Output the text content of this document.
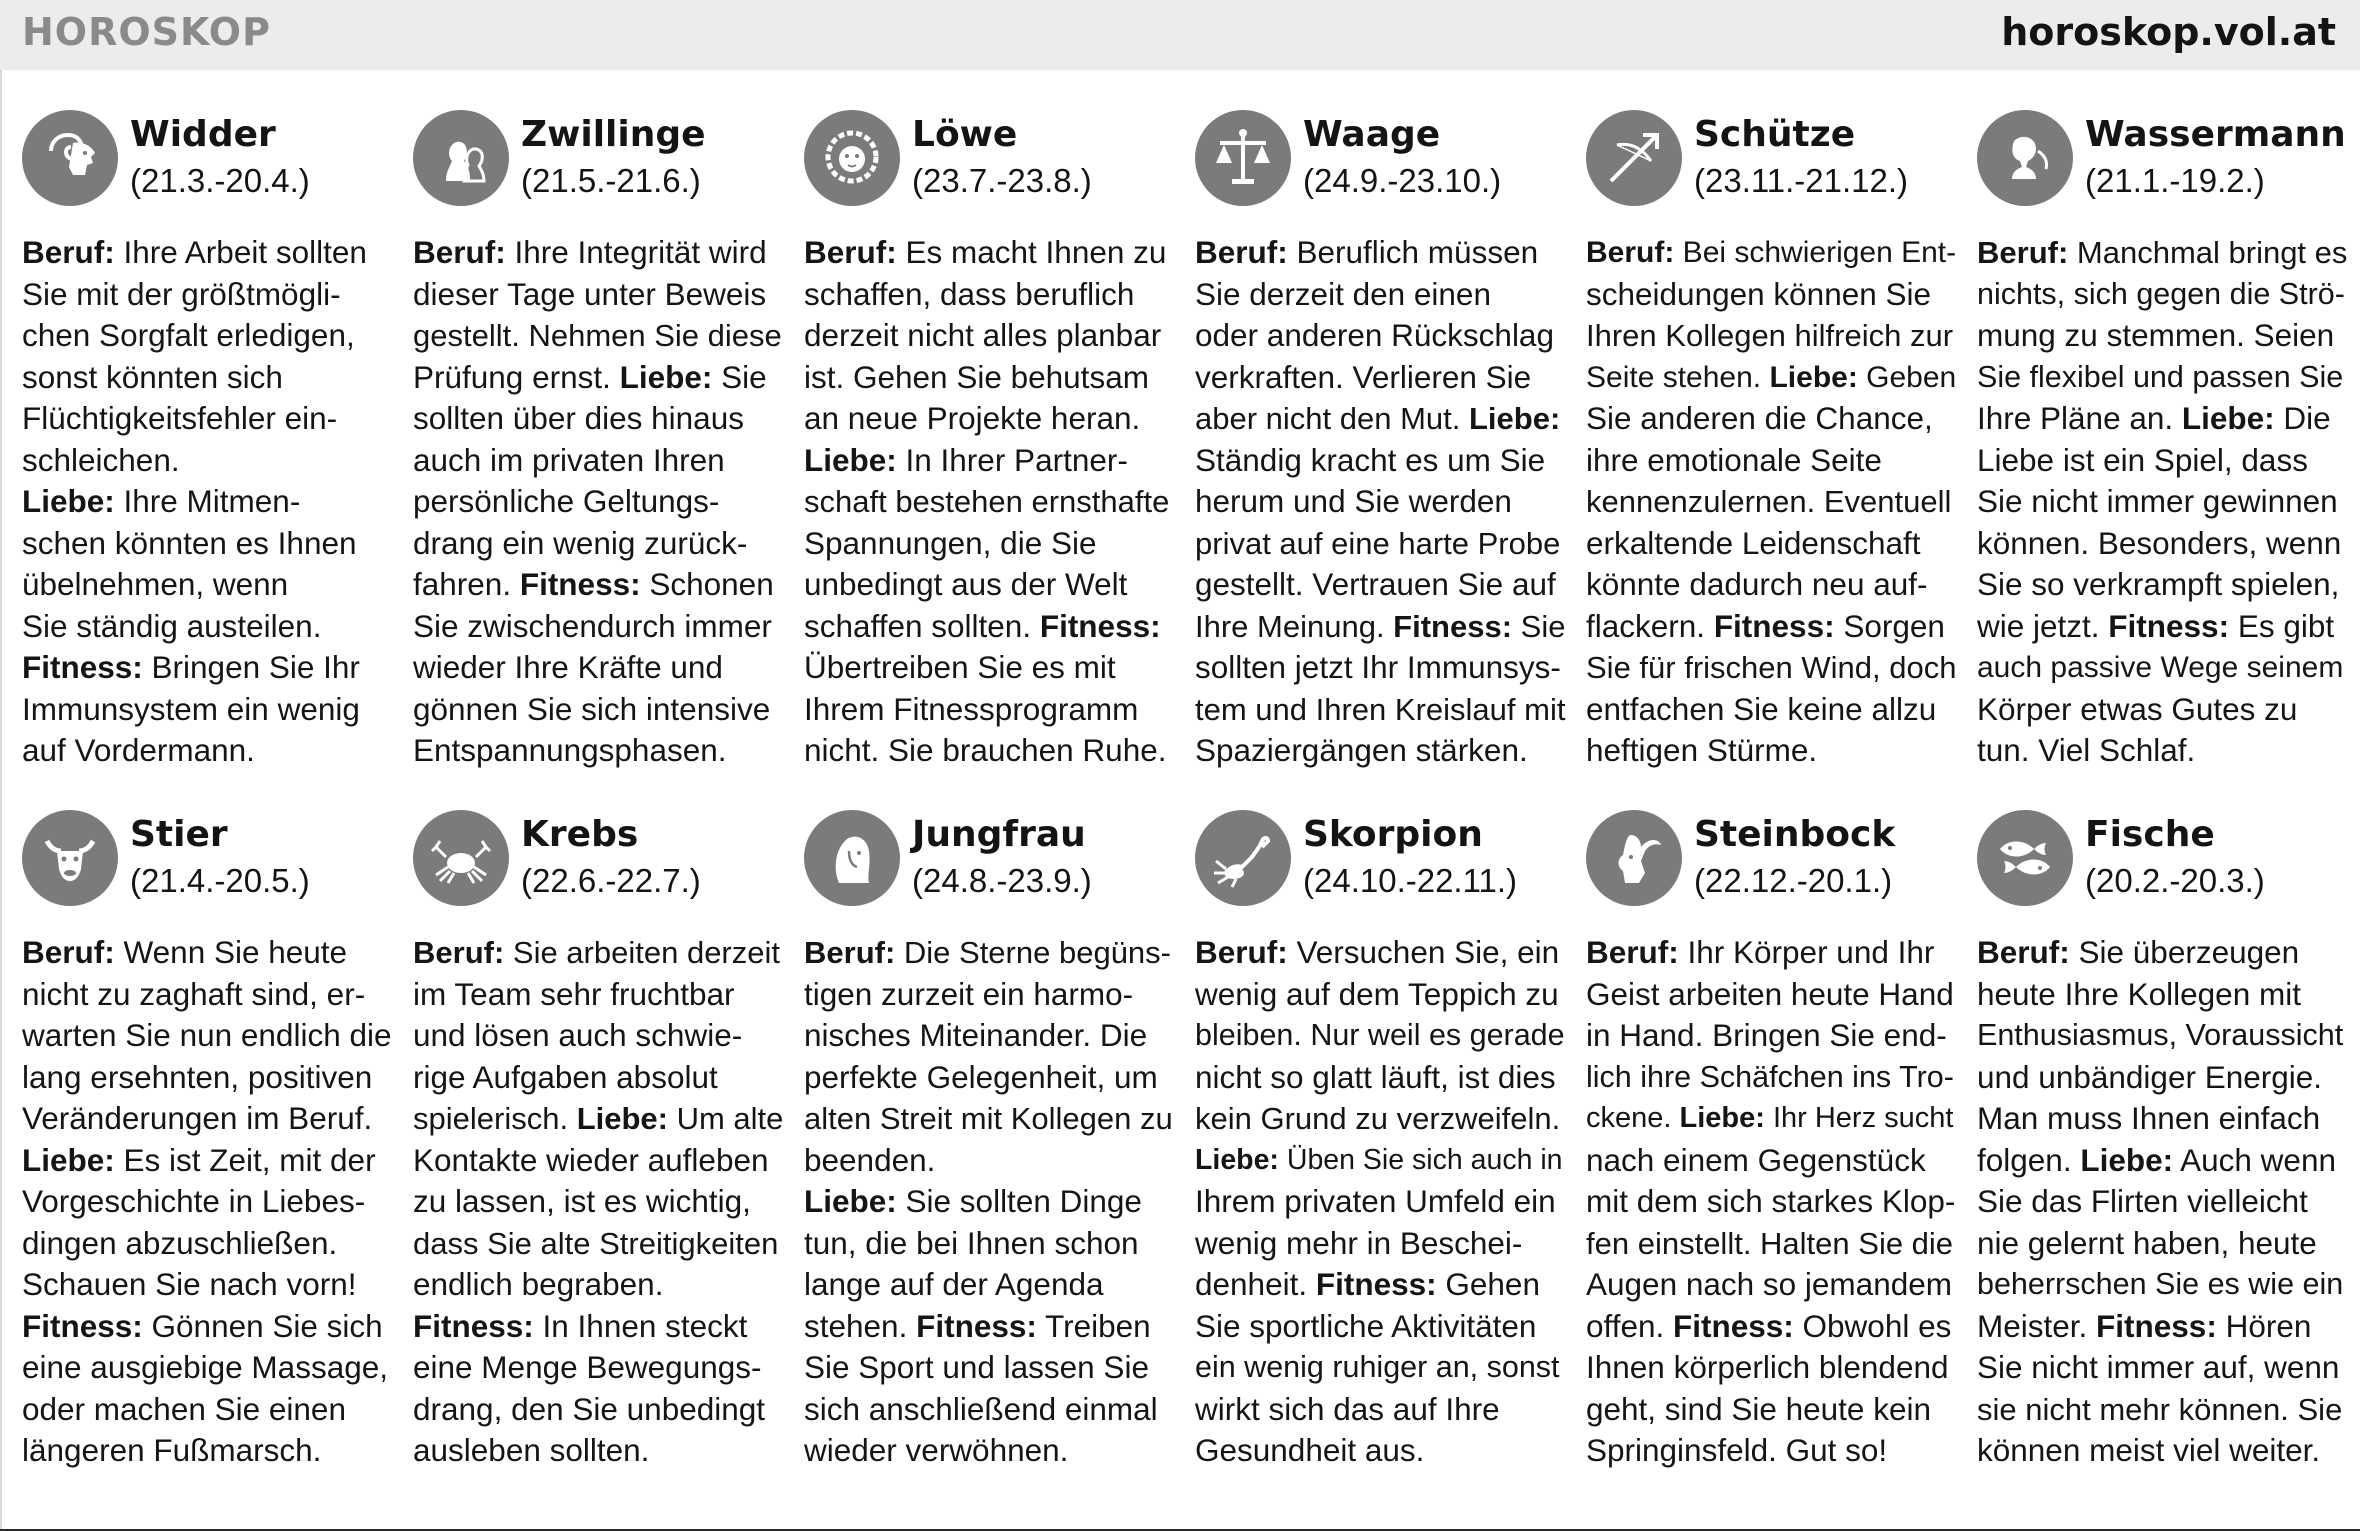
HOROSKOP	horoskop.vol.at
Widder
(21.3.-20.4.)
Beruf: Ihre Arbeit sollten
Sie mit der größtmögli-
chen Sorgfalt erledigen,
sonst könnten sich
Flüchtigkeitsfehler ein-
schleichen.
Liebe: Ihre Mitmen-
schen könnten es Ihnen
übelnehmen, wenn
Sie ständig austeilen.
Fitness: Bringen Sie Ihr
Immunsystem ein wenig
auf Vordermann.
Zwillinge
(21.5.-21.6.)
Beruf: Ihre Integrität wird
dieser Tage unter Beweis
gestellt. Nehmen Sie diese
Prüfung ernst. Liebe: Sie
sollten über dies hinaus
auch im privaten Ihren
persönliche Geltungs-
drang ein wenig zurück-
fahren. Fitness: Schonen
Sie zwischendurch immer
wieder Ihre Kräfte und
gönnen Sie sich intensive
Entspannungsphasen.
Löwe
(23.7.-23.8.)
Beruf: Es macht Ihnen zu
schaffen, dass beruflich
derzeit nicht alles planbar
ist. Gehen Sie behutsam
an neue Projekte heran.
Liebe: In Ihrer Partner-
schaft bestehen ernsthafte
Spannungen, die Sie
unbedingt aus der Welt
schaffen sollten. Fitness:
Übertreiben Sie es mit
Ihrem Fitnessprogramm
nicht. Sie brauchen Ruhe.
Waage
(24.9.-23.10.)
Beruf: Beruflich müssen
Sie derzeit den einen
oder anderen Rückschlag
verkraften. Verlieren Sie
aber nicht den Mut. Liebe:
Ständig kracht es um Sie
herum und Sie werden
privat auf eine harte Probe
gestellt. Vertrauen Sie auf
Ihre Meinung. Fitness: Sie
sollten jetzt Ihr Immunsys-
tem und Ihren Kreislauf mit
Spaziergängen stärken.
Schütze
(23.11.-21.12.)
Beruf: Bei schwierigen Ent-
scheidungen können Sie
Ihren Kollegen hilfreich zur
Seite stehen. Liebe: Geben
Sie anderen die Chance,
ihre emotionale Seite
kennenzulernen. Eventuell
erkaltende Leidenschaft
könnte dadurch neu auf-
flackern. Fitness: Sorgen
Sie für frischen Wind, doch
entfachen Sie keine allzu
heftigen Stürme.
Wassermann
(21.1.-19.2.)
Beruf: Manchmal bringt es
nichts, sich gegen die Strö-
mung zu stemmen. Seien
Sie flexibel und passen Sie
Ihre Pläne an. Liebe: Die
Liebe ist ein Spiel, dass
Sie nicht immer gewinnen
können. Besonders, wenn
Sie so verkrampft spielen,
wie jetzt. Fitness: Es gibt
auch passive Wege seinem
Körper etwas Gutes zu
tun. Viel Schlaf.
Stier
(21.4.-20.5.)
Beruf: Wenn Sie heute
nicht zu zaghaft sind, er-
warten Sie nun endlich die
lang ersehnten, positiven
Veränderungen im Beruf.
Liebe: Es ist Zeit, mit der
Vorgeschichte in Liebes-
dingen abzuschließen.
Schauen Sie nach vorn!
Fitness: Gönnen Sie sich
eine ausgiebige Massage,
oder machen Sie einen
längeren Fußmarsch.
Krebs
(22.6.-22.7.)
Beruf: Sie arbeiten derzeit
im Team sehr fruchtbar
und lösen auch schwie-
rige Aufgaben absolut
spielerisch. Liebe: Um alte
Kontakte wieder aufleben
zu lassen, ist es wichtig,
dass Sie alte Streitigkeiten
endlich begraben.
Fitness: In Ihnen steckt
eine Menge Bewegungs-
drang, den Sie unbedingt
ausleben sollten.
Jungfrau
(24.8.-23.9.)
Beruf: Die Sterne begüns-
tigen zurzeit ein harmo-
nisches Miteinander. Die
perfekte Gelegenheit, um
alten Streit mit Kollegen zu
beenden.
Liebe: Sie sollten Dinge
tun, die bei Ihnen schon
lange auf der Agenda
stehen. Fitness: Treiben
Sie Sport und lassen Sie
sich anschließend einmal
wieder verwöhnen.
Skorpion
(24.10.-22.11.)
Beruf: Versuchen Sie, ein
wenig auf dem Teppich zu
bleiben. Nur weil es gerade
nicht so glatt läuft, ist dies
kein Grund zu verzweifeln.
Liebe: Üben Sie sich auch in
Ihrem privaten Umfeld ein
wenig mehr in Beschei-
denheit. Fitness: Gehen
Sie sportliche Aktivitäten
ein wenig ruhiger an, sonst
wirkt sich das auf Ihre
Gesundheit aus.
Steinbock
(22.12.-20.1.)
Beruf: Ihr Körper und Ihr
Geist arbeiten heute Hand
in Hand. Bringen Sie end-
lich ihre Schäfchen ins Tro-
ckene. Liebe: Ihr Herz sucht
nach einem Gegenstück
mit dem sich starkes Klop-
fen einstellt. Halten Sie die
Augen nach so jemandem
offen. Fitness: Obwohl es
Ihnen körperlich blendend
geht, sind Sie heute kein
Springinsfeld. Gut so!
Fische
(20.2.-20.3.)
Beruf: Sie überzeugen
heute Ihre Kollegen mit
Enthusiasmus, Voraussicht
und unbändiger Energie.
Man muss Ihnen einfach
folgen. Liebe: Auch wenn
Sie das Flirten vielleicht
nie gelernt haben, heute
beherrschen Sie es wie ein
Meister. Fitness: Hören
Sie nicht immer auf, wenn
sie nicht mehr können. Sie
können meist viel weiter.
